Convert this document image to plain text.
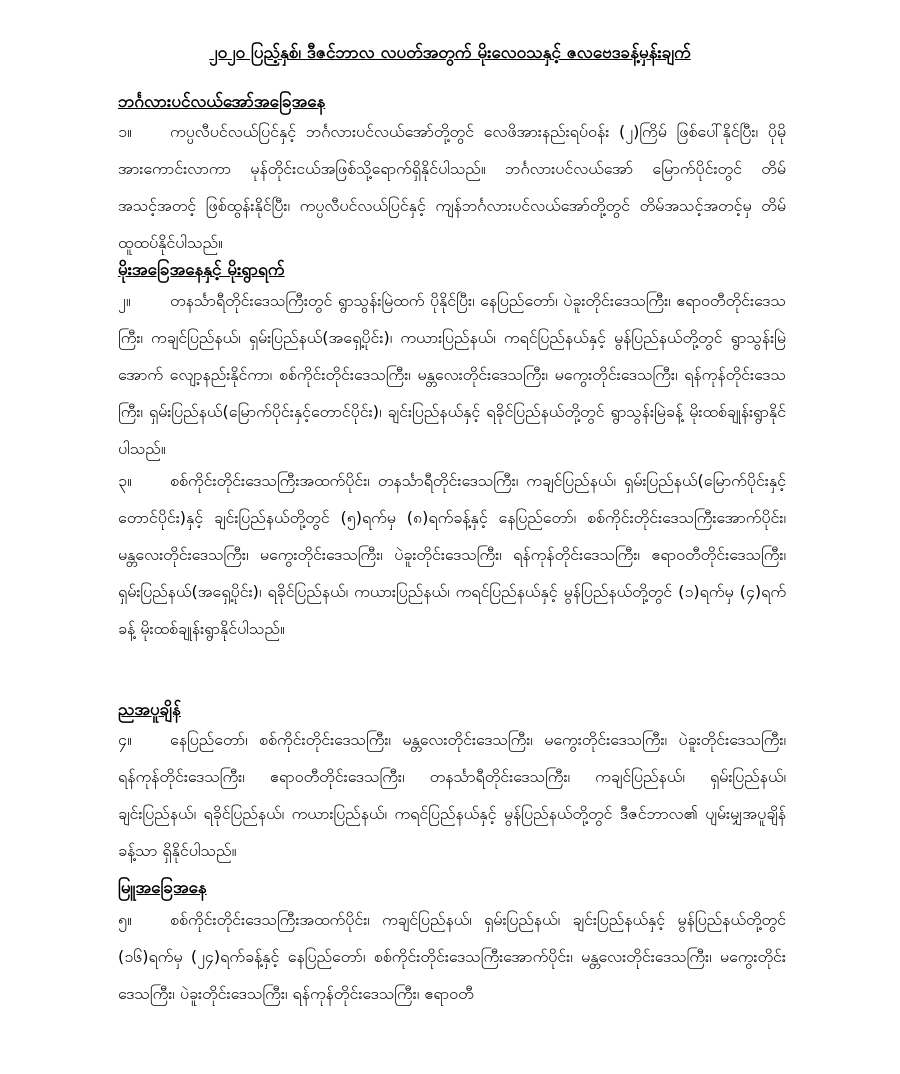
၂၀၂၀ ပြည့်နှစ်၊ ဒီဇင်ဘာလ လပတ်အတွက် မိုးလေဝသနှင့် ဇလဗေဒခန့်မှန်းချက်
ဘင်္ဂလားပင်လယ်အော်အခြေအနေ

၁။ ကပ္ပလီပင်လယ်ပြင်နှင့် ဘင်္ဂလားပင်လယ်အော်တို့တွင် လေဖိအားနည်းရပ်ဝန်း (၂)ကြိမ် ဖြစ်ပေါ်နိုင်ပြီး၊ ပိုမိုအားကောင်းလာကာ မုန်တိုင်းငယ်အဖြစ်သို့ရောက်ရှိနိုင်ပါသည်။ ဘင်္ဂလားပင်လယ်အော် မြောက်ပိုင်းတွင် တိမ်အသင့်အတင့် ဖြစ်ထွန်းနိုင်ပြီး၊ ကပ္ပလီပင်လယ်ပြင်နှင့် ကျန်ဘင်္ဂလားပင်လယ်အော်တို့တွင် တိမ်အသင့်အတင့်မှ တိမ်ထူထပ်နိုင်ပါသည်။

မိုးအခြေအနေနှင့် မိုးရွာရက်

၂။ တနင်္သာရီတိုင်းဒေသကြီးတွင် ရွာသွန်းမြဲထက် ပိုနိုင်ပြီး၊ နေပြည်တော်၊ ပဲခူးတိုင်းဒေသကြီး၊ ဧရာဝတီတိုင်းဒေသကြီး၊ ကချင်ပြည်နယ်၊ ရှမ်းပြည်နယ်(အရှေ့ပိုင်း)၊ ကယားပြည်နယ်၊ ကရင်ပြည်နယ်နှင့် မွန်ပြည်နယ်တို့တွင် ရွာသွန်းမြဲအောက် လျော့နည်းနိုင်ကာ၊ စစ်ကိုင်းတိုင်းဒေသကြီး၊ မန္တလေးတိုင်းဒေသကြီး၊ မကွေးတိုင်းဒေသကြီး၊ ရန်ကုန်တိုင်းဒေသကြီး၊ ရှမ်းပြည်နယ်(မြောက်ပိုင်းနှင့်တောင်ပိုင်း)၊ ချင်းပြည်နယ်နှင့် ရခိုင်ပြည်နယ်တို့တွင် ရွာသွန်းမြဲခန့် မိုးထစ်ချုန်းရွာနိုင်ပါသည်။

၃။ စစ်ကိုင်းတိုင်းဒေသကြီးအထက်ပိုင်း၊ တနင်္သာရီတိုင်းဒေသကြီး၊ ကချင်ပြည်နယ်၊ ရှမ်းပြည်နယ်(မြောက်ပိုင်းနှင့်တောင်ပိုင်း)နှင့် ချင်းပြည်နယ်တို့တွင် (၅)ရက်မှ (၈)ရက်ခန့်နှင့် နေပြည်တော်၊ စစ်ကိုင်းတိုင်းဒေသကြီးအောက်ပိုင်း၊ မန္တလေးတိုင်းဒေသကြီး၊ မကွေးတိုင်းဒေသကြီး၊ ပဲခူးတိုင်းဒေသကြီး၊ ရန်ကုန်တိုင်းဒေသကြီး၊ ဧရာဝတီတိုင်းဒေသကြီး၊ ရှမ်းပြည်နယ်(အရှေ့ပိုင်း)၊ ရခိုင်ပြည်နယ်၊ ကယားပြည်နယ်၊ ကရင်ပြည်နယ်နှင့် မွန်ပြည်နယ်တို့တွင် (၁)ရက်မှ (၄)ရက်ခန့် မိုးထစ်ချုန်းရွာနိုင်ပါသည်။

ညအပူချိန်

၄။ နေပြည်တော်၊ စစ်ကိုင်းတိုင်းဒေသကြီး၊ မန္တလေးတိုင်းဒေသကြီး၊ မကွေးတိုင်းဒေသကြီး၊ ပဲခူးတိုင်းဒေသကြီး၊ ရန်ကုန်တိုင်းဒေသကြီး၊ ဧရာဝတီတိုင်းဒေသကြီး၊ တနင်္သာရီတိုင်းဒေသကြီး၊ ကချင်ပြည်နယ်၊ ရှမ်းပြည်နယ်၊ ချင်းပြည်နယ်၊ ရခိုင်ပြည်နယ်၊ ကယားပြည်နယ်၊ ကရင်ပြည်နယ်နှင့် မွန်ပြည်နယ်တို့တွင် ဒီဇင်ဘာလ၏ ပျမ်းမျှအပူချိန်ခန့်သာ ရှိနိုင်ပါသည်။

မြူအခြေအနေ

၅။ စစ်ကိုင်းတိုင်းဒေသကြီးအထက်ပိုင်း၊ ကချင်ပြည်နယ်၊ ရှမ်းပြည်နယ်၊ ချင်းပြည်နယ်နှင့် မွန်ပြည်နယ်တို့တွင် (၁၆)ရက်မှ (၂၄)ရက်ခန့်နှင့် နေပြည်တော်၊ စစ်ကိုင်းတိုင်းဒေသကြီးအောက်ပိုင်း၊ မန္တလေးတိုင်းဒေသကြီး၊ မကွေးတိုင်းဒေသကြီး၊ ပဲခူးတိုင်းဒေသကြီး၊ ရန်ကုန်တိုင်းဒေသကြီး၊ ဧရာဝတီ
